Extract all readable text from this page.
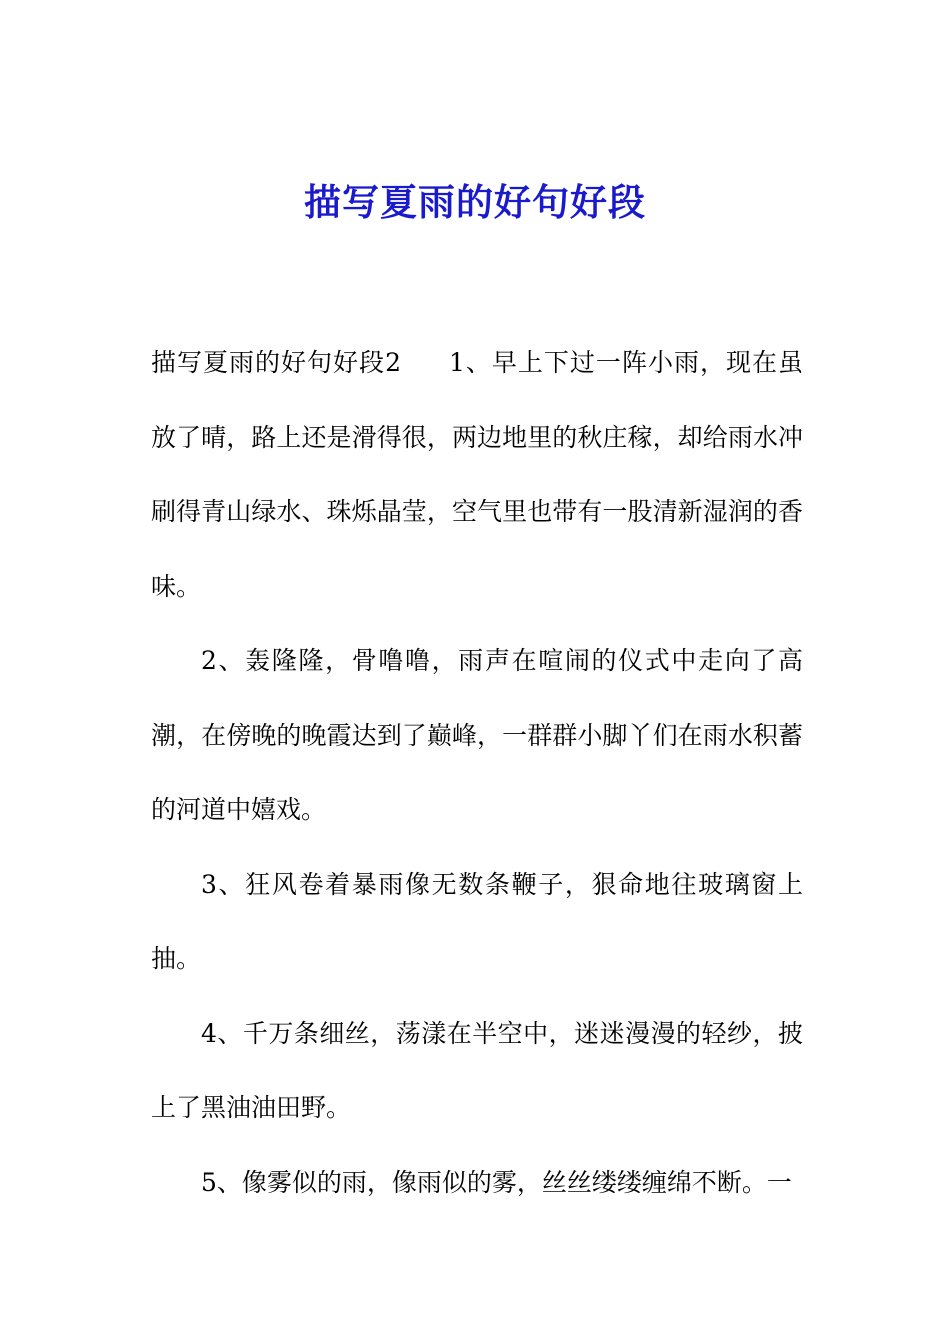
描写夏雨的好句好段

描写夏雨的好句好段2 1、早上下过一阵小雨，现在虽放了晴，路上还是滑得很，两边地里的秋庄稼，却给雨水冲刷得青山绿水、珠烁晶莹，空气里也带有一股清新湿润的香味。

2、轰隆隆，骨噜噜，雨声在喧闹的仪式中走向了高潮，在傍晚的晚霞达到了巅峰，一群群小脚丫们在雨水积蓄的河道中嬉戏。

3、狂风卷着暴雨像无数条鞭子，狠命地往玻璃窗上抽。

4、千万条细丝，荡漾在半空中，迷迷漫漫的轻纱，披上了黑油油田野。

5、像雾似的雨，像雨似的雾，丝丝缕缕缠绵不断。一
